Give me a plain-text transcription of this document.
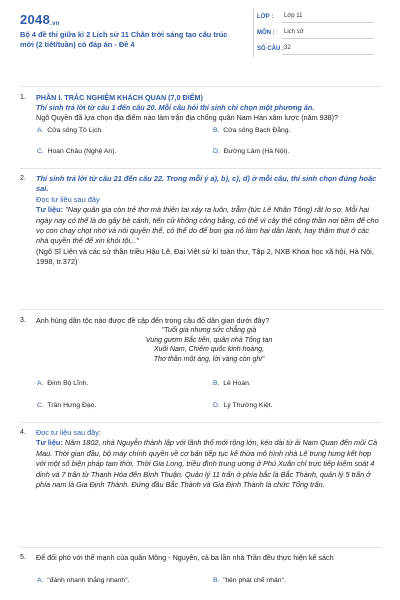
2048.vn
Bộ 4 đề thi giữa kì 2 Lịch sử 11 Chân trời sáng tạo cấu trúc mới (2 tiết/tuần) có đáp án - Đề 4
LỚP :	Lớp 11
MÔN :	Lịch sử
SỐ CÂU : 32
1. PHẦN I. TRẮC NGHIỆM KHÁCH QUAN (7,0 ĐIỂM)
Thí sinh trả lời từ câu 1 đến câu 20. Mỗi câu hỏi thí sinh chỉ chọn một phương án.
Ngô Quyền đã lựa chọn địa điểm nào làm trận địa chống quân Nam Hán xâm lược (năm 938)?
A. Cửa sông Tô Lịch.	B. Cửa sông Bạch Đằng.
C. Hoan Châu (Nghệ An).	D. Đường Lâm (Hà Nội).
2. Thí sinh trả lời từ câu 21 đến câu 22. Trong mỗi ý a), b), c), d) ở mỗi câu, thí sinh chọn đúng hoặc sai.
Đọc tư liệu sau đây
Tư liệu: "Nay quân gia còn trẻ thơ mà thiên tai xảy ra luôn, trẫm (tức Lê Nhân Tông) rất lo sợ. Mỗi hại ngày nay có thể là do gây bè cánh, tiến cử không công bằng, có thể vì cây thế công thần nơi tiềm để cho vọ con chạy chọt nhờ và nói quyền thế, có thể do để bọn gia nô làm hại dân lành, hay thậm thụt ở các nhà quyền thế để xin khỏi tội,.."
(Ngô Sĩ Liên và các sử thần triều Hậu Lê, Đại Việt sử kí toàn thư, Tập 2, NXB Khoa học xã hội, Hà Nội, 1998, tr.372)
3. Anh hùng dân tộc nào được đề cập đến trong câu đố dân gian dưới đây?
"Tuổi già nhưng sức chẳng già
Vung gươm Bắc tiến, quân nhà Tống tan
Xuôi Nam, Chiêm quốc kinh hoàng,
Thơ thần một áng, lời vàng còn ghi"
A. Đinh Bộ Lĩnh.	B. Lê Hoàn.
C. Trần Hưng Đạo.	D. Lý Thường Kiệt.
4. Đọc tư liệu sau đây:
Tư liệu: Năm 1802, nhà Nguyễn thành lập với lãnh thổ mới rộng lớn, kéo dài từ ải Nam Quan đến mũi Cà Mau. Thời gian đầu, bộ máy chính quyền về cơ bản tiếp tục kế thừa mô hình nhà Lê trung hưng kết hợp với một số biện pháp tạm thời. Thời Gia Long, triều đình trung ương ở Phú Xuân chỉ trực tiếp kiểm soát 4 dinh và 7 trấn từ Thanh Hóa đến Bình Thuận. Quản lý 11 trấn ở phía bắc là Bắc Thành, quản lý 5 trấn ở phía nam là Gia Định Thành. Đứng đầu Bắc Thành và Gia Định Thành là chức Tổng trấn.
5. Để đối phó với thế mạnh của quân Mông - Nguyên, cả ba lần nhà Trần đều thực hiện kế sách
A. "đánh nhanh thắng nhanh".	B. "tiên phát chế nhân".
